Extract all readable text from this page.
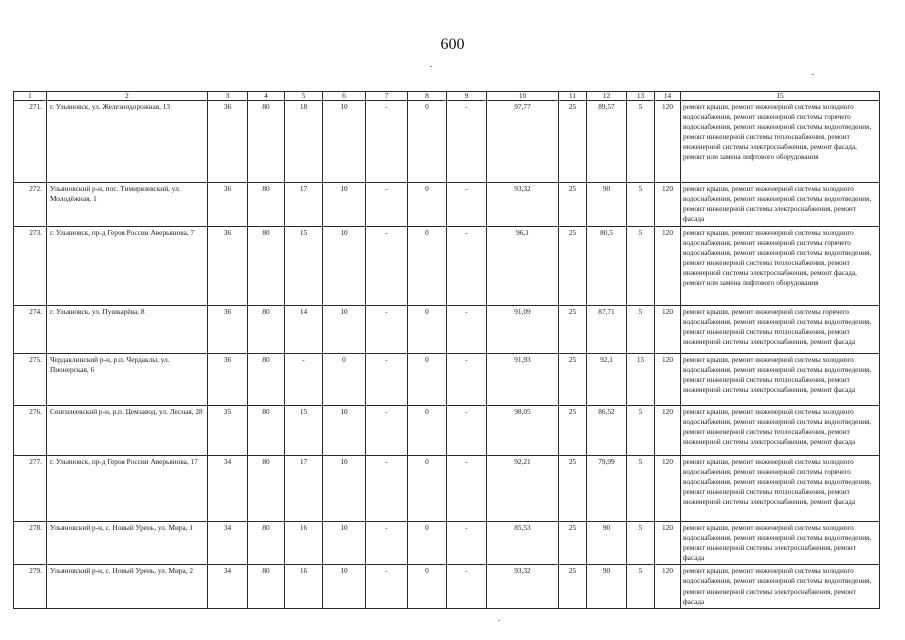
600
1	2	3	4	5	6	7	8	9	10	11	12	13	14	15
271.	г. Ульяновск, ул. Железнодорожная, 13	36	80	18	10	-	0	-	97,77	25	89,57	5	120	ремонт крыши, ремонт инженерной системы холодного водоснабжения, ремонт инженерной системы горячего водоснабжения, ремонт инженерной системы водоотведения, ремонт инженерной системы теплоснабжения, ремонт инженерной системы электроснабжения, ремонт фасада, ремонт или замена лифтового оборудования
272.	Ульяновский р-н, пос. Тимирязевский, ул. Молодёжная, 1	36	80	17	10	-	0	-	93,32	25	90	5	120	ремонт крыши, ремонт инженерной системы холодного водоснабжения, ремонт инженерной системы водоотведения, ремонт инженерной системы электроснабжения, ремонт фасада
273.	г. Ульяновск, пр-д Героя России Аверьянова, 7	36	80	15	10	-	0	-	96,1	25	80,5	5	120	ремонт крыши, ремонт инженерной системы холодного водоснабжения, ремонт инженерной системы горячего водоснабжения, ремонт инженерной системы водоотведения, ремонт инженерной системы теплоснабжения, ремонт инженерной системы электроснабжения, ремонт фасада, ремонт или замена лифтового оборудования
274.	г. Ульяновск, ул. Пушкарёва, 8	36	80	14	10	-	0	-	91,09	25	87,71	5	120	ремонт крыши, ремонт инженерной системы горячего водоснабжения, ремонт инженерной системы водоотведения, ремонт инженерной системы теплоснабжения, ремонт инженерной системы электроснабжения, ремонт фасада
275.	Чердаклинский р-н, р.п. Чердаклы, ул. Пионерская, 6	36	80	-	0	-	0	-	91,93	25	92,1	15	120	ремонт крыши, ремонт инженерной системы холодного водоснабжения, ремонт инженерной системы водоотведения, ремонт инженерной системы теплоснабжения, ремонт инженерной системы электроснабжения, ремонт фасада
276.	Сенгилеевский р-н, р.п. Цемзавод, ул. Лесная, 28	35	80	15	10	-	0	-	98,05	25	86,52	5	120	ремонт крыши, ремонт инженерной системы холодного водоснабжения, ремонт инженерной системы водоотведения, ремонт инженерной системы теплоснабжения, ремонт инженерной системы электроснабжения, ремонт фасада
277.	г. Ульяновск, пр-д Героя России Аверьянова, 17	34	80	17	10	-	0	-	92,21	25	79,99	5	120	ремонт крыши, ремонт инженерной системы холодного водоснабжения, ремонт инженерной системы горячего водоснабжения, ремонт инженерной системы водоотведения, ремонт инженерной системы теплоснабжения, ремонт инженерной системы электроснабжения, ремонт фасада
278.	Ульяновский р-н, с. Новый Урень, ул. Мира, 1	34	80	16	10	-	0	-	85,53	25	90	5	120	ремонт крыши, ремонт инженерной системы холодного водоснабжения, ремонт инженерной системы водоотведения, ремонт инженерной системы электроснабжения, ремонт фасада
279.	Ульяновский р-н, с. Новый Урень, ул. Мира, 2	34	80	16	10	-	0	-	93,32	25	90	5	120	ремонт крыши, ремонт инженерной системы холодного водоснабжения, ремонт инженерной системы водоотведения, ремонт инженерной системы электроснабжения, ремонт фасада
